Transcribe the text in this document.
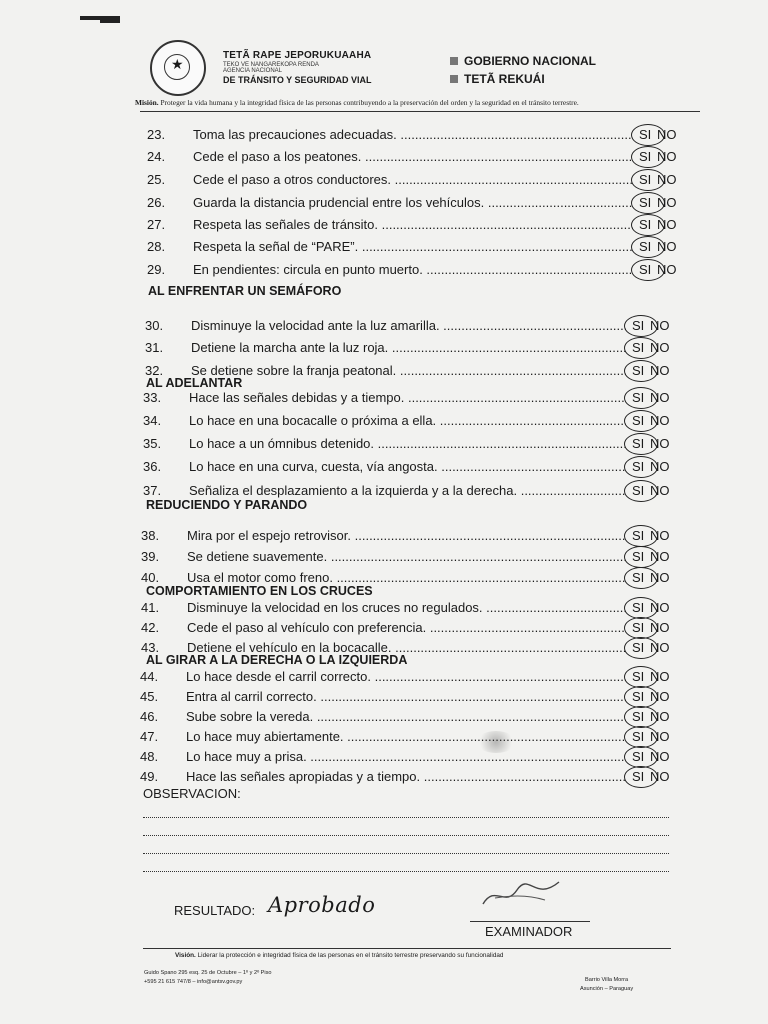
★
TETÃ RAPE JEPORUKUAAHA
TEKO VE NANGAREKOPA RENDA
AGENCIA NACIONAL
DE TRÁNSITO Y SEGURIDAD VIAL
GOBIERNO NACIONAL
TETÃ REKUÁI
Misión. Proteger la vida humana y la integridad física de las personas contribuyendo a la preservación del orden y la seguridad en el tránsito terrestre.
23.	Toma las precauciones adecuadas. .....	SI NO
24.	Cede el paso a los peatones. .....	SI NO
25.	Cede el paso a otros conductores. .....	SI NO
26.	Guarda la distancia prudencial entre los vehículos. .....	SI NO
27.	Respeta las señales de tránsito. .....	SI NO
28.	Respeta la señal de “PARE”. .....	SI NO
29.	En pendientes: circula en punto muerto. .....	SI NO
30.	Disminuye la velocidad ante la luz amarilla. .....	SI NO
31.	Detiene la marcha ante la luz roja. .....	SI NO
32.	Se detiene sobre la franja peatonal. .....	SI NO
33.	Hace las señales debidas y a tiempo. .....	SI NO
34.	Lo hace en una bocacalle o próxima a ella. .....	SI NO
35.	Lo hace a un ómnibus detenido. .....	SI NO
36.	Lo hace en una curva, cuesta, vía angosta. .....	SI NO
37.	Señaliza el desplazamiento a la izquierda y a la derecha. .....	SI NO
38.	Mira por el espejo retrovisor. .....	SI NO
39.	Se detiene suavemente. .....	SI NO
40.	Usa el motor como freno. .....	SI NO
41.	Disminuye la velocidad en los cruces no regulados. .....	SI NO
42.	Cede el paso al vehículo con preferencia. .....	SI NO
43.	Detiene el vehículo en la bocacalle. .....	SI NO
44.	Lo hace desde el carril correcto. .....	SI NO
45.	Entra al carril correcto. .....	SI NO
46.	Sube sobre la vereda. .....	SI NO
47.	Lo hace muy abiertamente. .....	SI NO
48.	Lo hace muy a prisa. .....	SI NO
49.	Hace las señales apropiadas y a tiempo. .....	SI NO
AL ENFRENTAR UN SEMÁFORO
AL ADELANTAR
REDUCIENDO Y PARANDO
COMPORTAMIENTO EN LOS CRUCES
AL GIRAR A LA DERECHA O LA IZQUIERDA
OBSERVACION:
RESULTADO: Aprobado
EXAMINADOR
Visión. Liderar la protección e integridad física de las personas en el tránsito terrestre preservando su funcionalidad
Guido Spano 295 esq. 25 de Octubre – 1º y 2º Piso
+595 21 615 747/8 – info@antsv.gov.py	Barrio Villa Morra
Asunción – Paraguay
